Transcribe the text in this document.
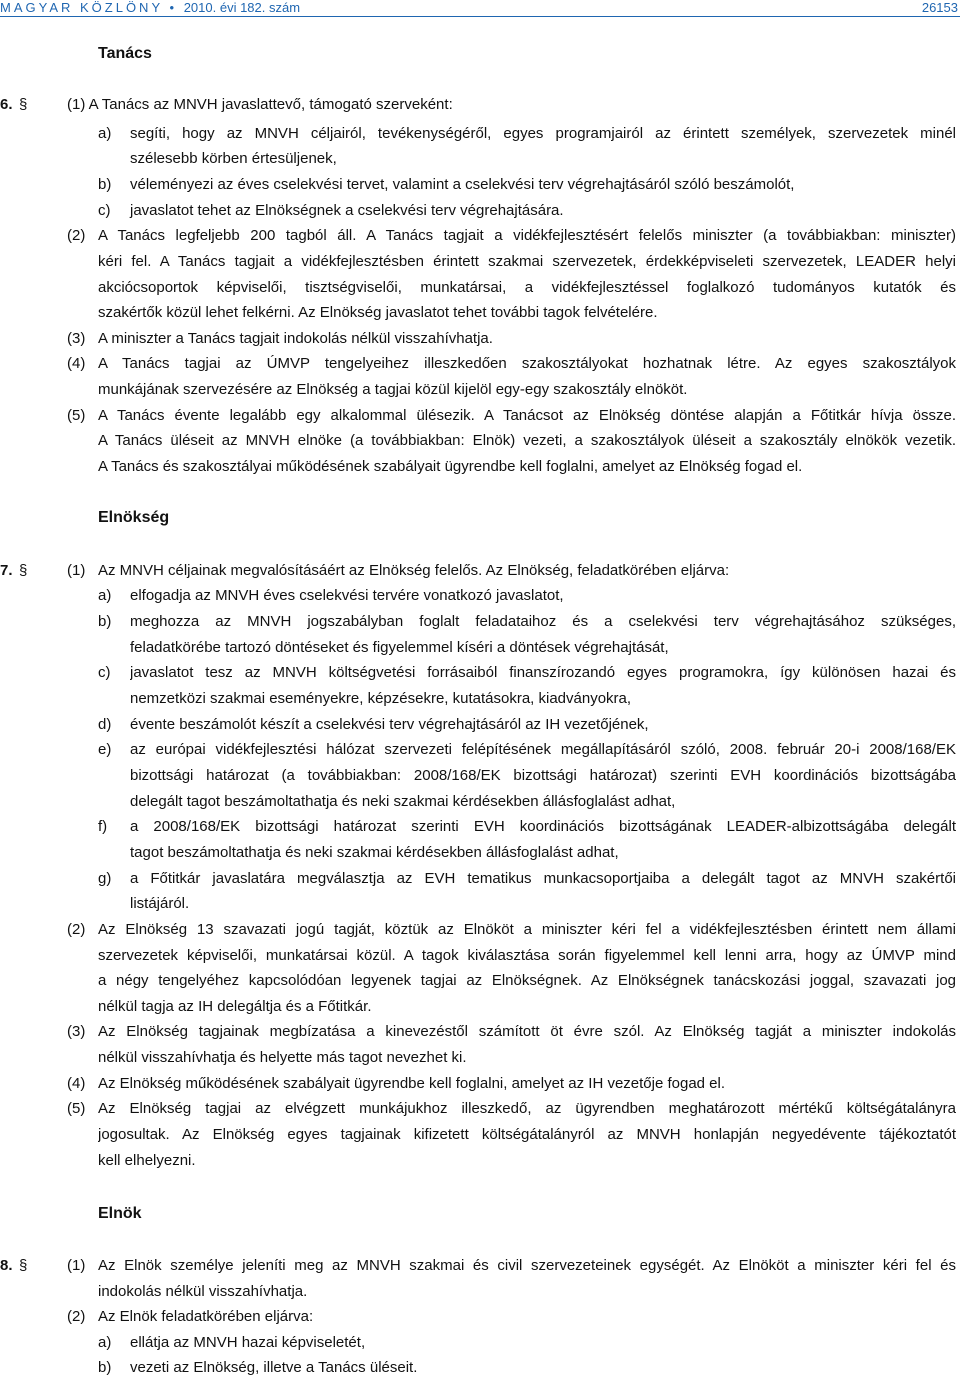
MAGYAR KÖZLÖNY • 2010. évi 182. szám	26153
Tanács
6. §	(1) A Tanács az MNVH javaslattevő, támogató szerveként:
a) segíti, hogy az MNVH céljairól, tevékenységéről, egyes programjairól az érintett személyek, szervezetek minél
szélesebb körben értesüljenek,
b) véleményezi az éves cselekvési tervet, valamint a cselekvési terv végrehajtásáról szóló beszámolót,
c) javaslatot tehet az Elnökségnek a cselekvési terv végrehajtására.
(2) A Tanács legfeljebb 200 tagból áll. A Tanács tagjait a vidékfejlesztésért felelős miniszter (a továbbiakban: miniszter)
kéri fel. A Tanács tagjait a vidékfejlesztésben érintett szakmai szervezetek, érdekképviseleti szervezetek, LEADER helyi
akciócsoportok képviselői, tisztségviselői, munkatársai, a vidékfejlesztéssel foglalkozó tudományos kutatók és
szakértők közül lehet felkérni. Az Elnökség javaslatot tehet további tagok felvételére.
(3) A miniszter a Tanács tagjait indokolás nélkül visszahívhatja.
(4) A Tanács tagjai az ÚMVP tengelyeihez illeszkedően szakosztályokat hozhatnak létre. Az egyes szakosztályok
munkájának szervezésére az Elnökség a tagjai közül kijelöl egy-egy szakosztály elnököt.
(5) A Tanács évente legalább egy alkalommal ülésezik. A Tanácsot az Elnökség döntése alapján a Főtitkár hívja össze.
A Tanács üléseit az MNVH elnöke (a továbbiakban: Elnök) vezeti, a szakosztályok üléseit a szakosztály elnökök vezetik.
A Tanács és szakosztályai működésének szabályait ügyrendbe kell foglalni, amelyet az Elnökség fogad el.
Elnökség
7. §	(1) Az MNVH céljainak megvalósításáért az Elnökség felelős. Az Elnökség, feladatkörében eljárva:
a) elfogadja az MNVH éves cselekvési tervére vonatkozó javaslatot,
b) meghozza az MNVH jogszabályban foglalt feladataihoz és a cselekvési terv végrehajtásához szükséges,
feladatkörébe tartozó döntéseket és figyelemmel kíséri a döntések végrehajtását,
c) javaslatot tesz az MNVH költségvetési forrásaiból finanszírozandó egyes programokra, így különösen hazai és
nemzetközi szakmai eseményekre, képzésekre, kutatásokra, kiadványokra,
d) évente beszámolót készít a cselekvési terv végrehajtásáról az IH vezetőjének,
e) az európai vidékfejlesztési hálózat szervezeti felépítésének megállapításáról szóló, 2008. február 20-i 2008/168/EK
bizottsági határozat (a továbbiakban: 2008/168/EK bizottsági határozat) szerinti EVH koordinációs bizottságába
delegált tagot beszámoltathatja és neki szakmai kérdésekben állásfoglalást adhat,
f) a 2008/168/EK bizottsági határozat szerinti EVH koordinációs bizottságának LEADER-albizottságába delegált
tagot beszámoltathatja és neki szakmai kérdésekben állásfoglalást adhat,
g) a Főtitkár javaslatára megválasztja az EVH tematikus munkacsoportjaiba a delegált tagot az MNVH szakértői
listájáról.
(2) Az Elnökség 13 szavazati jogú tagját, köztük az Elnököt a miniszter kéri fel a vidékfejlesztésben érintett nem állami
szervezetek képviselői, munkatársai közül. A tagok kiválasztása során figyelemmel kell lenni arra, hogy az ÚMVP mind
a négy tengelyéhez kapcsolódóan legyenek tagjai az Elnökségnek. Az Elnökségnek tanácskozási joggal, szavazati jog
nélkül tagja az IH delegáltja és a Főtitkár.
(3) Az Elnökség tagjainak megbízatása a kinevezéstől számított öt évre szól. Az Elnökség tagját a miniszter indokolás
nélkül visszahívhatja és helyette más tagot nevezhet ki.
(4) Az Elnökség működésének szabályait ügyrendbe kell foglalni, amelyet az IH vezetője fogad el.
(5) Az Elnökség tagjai az elvégzett munkájukhoz illeszkedő, az ügyrendben meghatározott mértékű költségátalányra
jogosultak. Az Elnökség egyes tagjainak kifizetett költségátalányról az MNVH honlapján negyedévente tájékoztatót
kell elhelyezni.
Elnök
8. §	(1) Az Elnök személye jeleníti meg az MNVH szakmai és civil szervezeteinek egységét. Az Elnököt a miniszter kéri fel és
indokolás nélkül visszahívhatja.
(2) Az Elnök feladatkörében eljárva:
a) ellátja az MNVH hazai képviseletét,
b) vezeti az Elnökség, illetve a Tanács üléseit.
